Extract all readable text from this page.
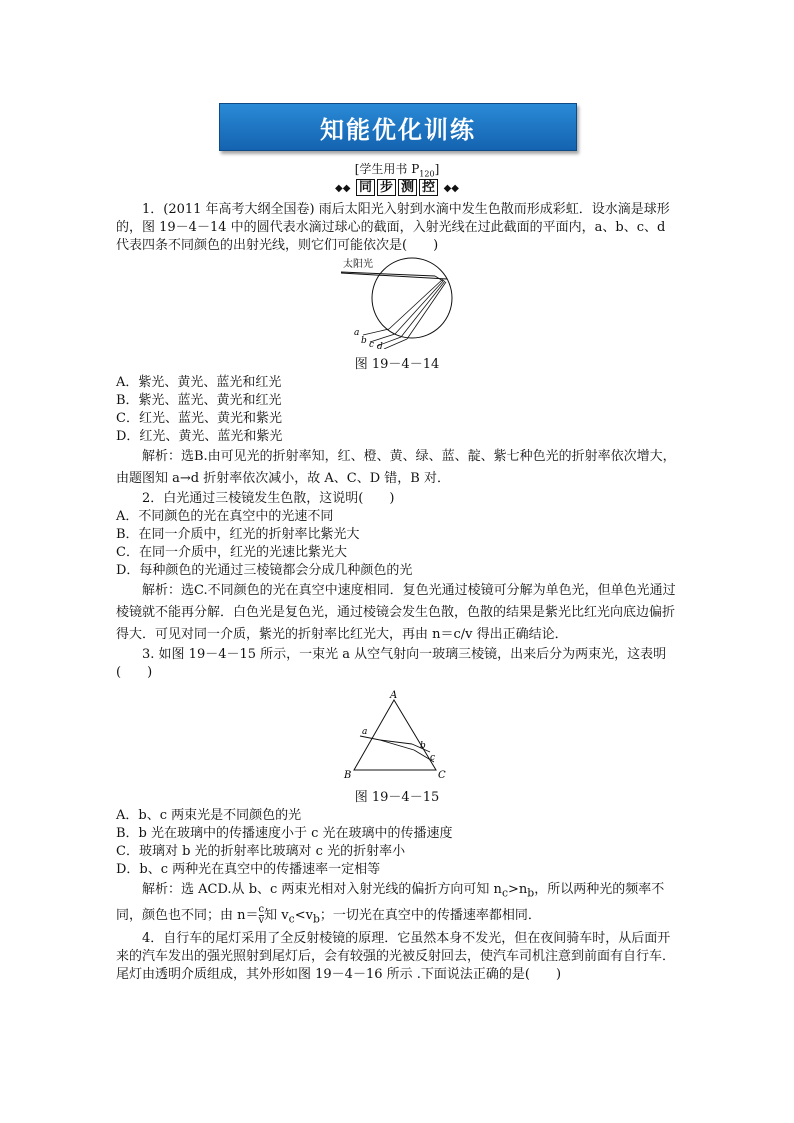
知能优化训练
[学生用书 $P_{120}$]
◆◆ 同 步 测 控 ◆◆

1．(2011 年高考大纲全国卷) 雨后太阳光入射到水滴中发生色散而形成彩虹．设水滴是球形的，图 19－4－14 中的圆代表水滴过球心的截面，入射光线在过此截面的平面内，a、b、c、d 代表四条不同颜色的出射光线，则它们可能依次是(　　)

太阳光
a
b c d
图 19－4－14

A．紫光、黄光、蓝光和红光

B．紫光、蓝光、黄光和红光

C．红光、蓝光、黄光和紫光

D．红光、黄光、蓝光和紫光

解析：选B.由可见光的折射率知，红、橙、黄、绿、蓝、靛、紫七种色光的折射率依次增大，由题图知 a→d 折射率依次减小，故 A、C、D 错，B 对．

2．白光通过三棱镜发生色散，这说明(　　)

A．不同颜色的光在真空中的光速不同

B．在同一介质中，红光的折射率比紫光大

C．在同一介质中，红光的光速比紫光大

D．每种颜色的光通过三棱镜都会分成几种颜色的光

解析：选C.不同颜色的光在真空中速度相同．复色光通过棱镜可分解为单色光，但单色光通过棱镜就不能再分解．白色光是复色光，通过棱镜会发生色散，色散的结果是紫光比红光向底边偏折得大．可见对同一介质，紫光的折射率比红光大，再由 n＝c/v 得出正确结论．

3. 如图 19－4－15 所示，一束光 a 从空气射向一玻璃三棱镜，出来后分为两束光，这表明(　　)

A
B	C
a
b
c
图 19－4－15

A．b、c 两束光是不同颜色的光

B．b 光在玻璃中的传播速度小于 c 光在玻璃中的传播速度

C．玻璃对 b 光的折射率比玻璃对 c 光的折射率小

D．b、c 两种光在真空中的传播速率一定相等

解析：选 ACD.从 b、c 两束光相对入射光线的偏折方向可知 $n_c>n_b$，所以两种光的频率不同，颜色也不同；由 $n= \frac{c}{v}$ 知 $v_c<v_b$；一切光在真空中的传播速率都相同．

4．自行车的尾灯采用了全反射棱镜的原理．它虽然本身不发光，但在夜间骑车时，从后面开来的汽车发出的强光照射到尾灯后，会有较强的光被反射回去，使汽车司机注意到前面有自行车．尾灯由透明介质组成，其外形如图 19－4－16 所示 .下面说法正确的是(　　)
